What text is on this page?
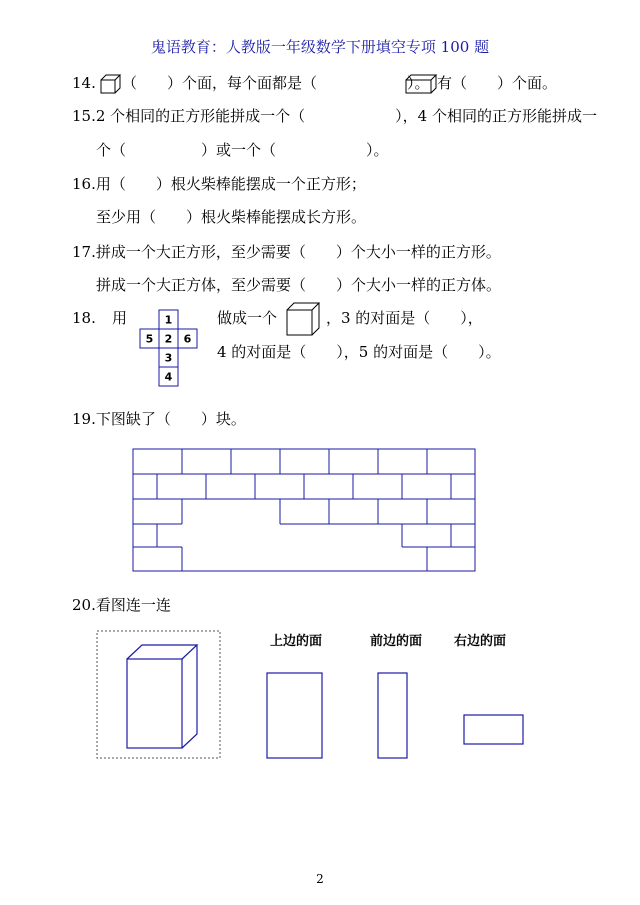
鬼语教育：人教版一年级数学下册填空专项 100 题
14. （　　）个面，每个面都是（　　　　　　）。 有（　　）个面。
15.2 个相同的正方形能拼成一个（　　　　　　），4 个相同的正方形能拼成一
个（　　　　　）或一个（　　　　　　）。
16.用（　　）根火柴棒能摆成一个正方形；
至少用（　　）根火柴棒能摆成长方形。
17.拼成一个大正方形，至少需要（　　）个大小一样的正方形。
拼成一个大正方体，至少需要（　　）个大小一样的正方体。
18. 用	1
5 2 6
3
4
做成一个	，3 的对面是（　　），
4 的对面是（　　），5 的对面是（　　）。
19.下图缺了（　　）块。
20.看图连一连
上边的面	前边的面 右边的面
2
